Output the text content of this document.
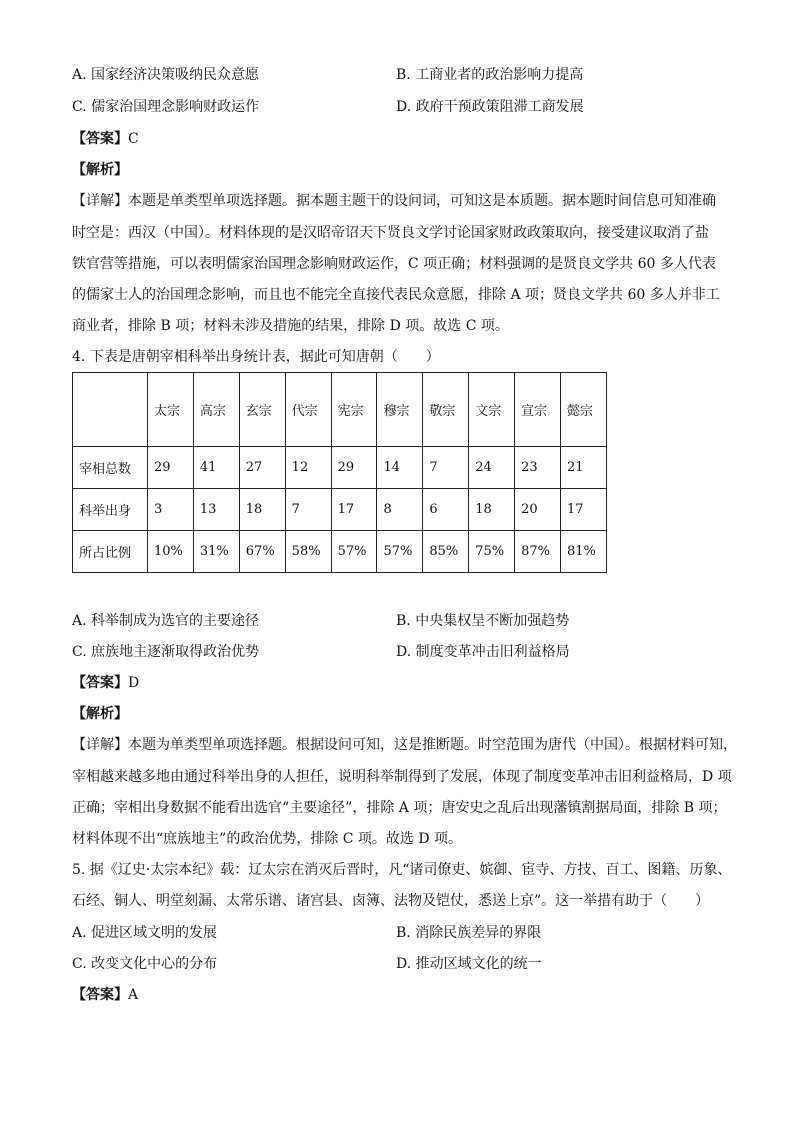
A. 国家经济决策吸纳民众意愿	B. 工商业者的政治影响力提高
C. 儒家治国理念影响财政运作	D. 政府干预政策阻滞工商发展
【答案】C
【解析】
【详解】本题是单类型单项选择题。据本题主题干的设问词，可知这是本质题。据本题时间信息可知准确
时空是：西汉（中国）。材料体现的是汉昭帝诏天下贤良文学讨论国家财政政策取向，接受建议取消了盐
铁官营等措施，可以表明儒家治国理念影响财政运作，C 项正确；材料强调的是贤良文学共 60 多人代表
的儒家士人的治国理念影响，而且也不能完全直接代表民众意愿，排除 A 项；贤良文学共 60 多人并非工
商业者，排除 B 项；材料未涉及措施的结果，排除 D 项。故选 C 项。
4. 下表是唐朝宰相科举出身统计表，据此可知唐朝（　　）
	太宗	高宗	玄宗	代宗	宪宗	穆宗	敬宗	文宗	宣宗	懿宗
宰相总数	29	41	27	12	29	14	7	24	23	21
科举出身	3	13	18	7	17	8	6	18	20	17
所占比例	10%	31%	67%	58%	57%	57%	85%	75%	87%	81%
A. 科举制成为选官的主要途径	B. 中央集权呈不断加强趋势
C. 庶族地主逐渐取得政治优势	D. 制度变革冲击旧利益格局
【答案】D
【解析】
【详解】本题为单类型单项选择题。根据设问可知，这是推断题。时空范围为唐代（中国）。根据材料可知，
宰相越来越多地由通过科举出身的人担任，说明科举制得到了发展，体现了制度变革冲击旧利益格局，D 项
正确；宰相出身数据不能看出选官“主要途径”，排除 A 项；唐安史之乱后出现藩镇割据局面，排除 B 项；
材料体现不出“庶族地主”的政治优势，排除 C 项。故选 D 项。
5. 据《辽史·太宗本纪》载：辽太宗在消灭后晋时，凡“诸司僚吏、嫔御、宦寺、方技、百工、图籍、历象、
石经、铜人、明堂刻漏、太常乐谱、诸宫县、卤簿、法物及铠仗，悉送上京”。这一举措有助于（　　）
A. 促进区域文明的发展	B. 消除民族差异的界限
C. 改变文化中心的分布	D. 推动区域文化的统一
【答案】A
